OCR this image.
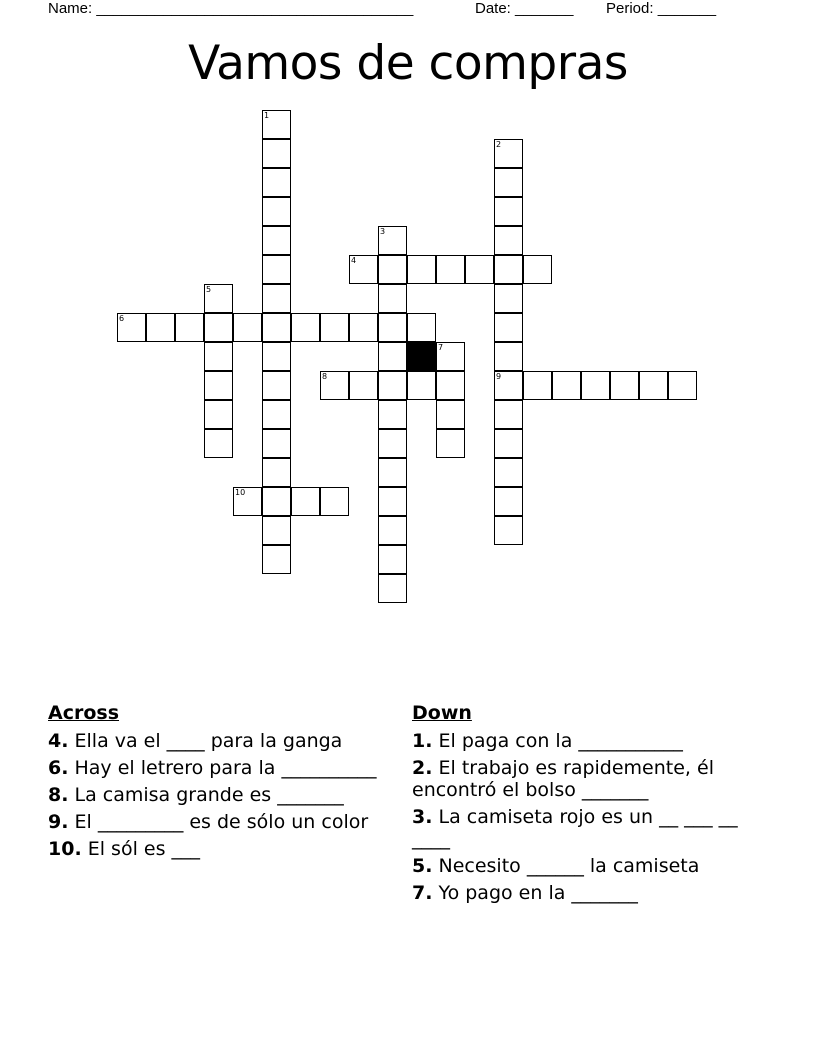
Name: ______________________________________	Date: _______ Period: _______
Vamos de compras
1
2
3
4
5
6
7
8	9
10
Across
4. Ella va el ____ para la ganga
6. Hay el letrero para la __________
8. La camisa grande es _______
9. El _________ es de sólo un color
10. El sól es ___
Down
1. El paga con la ___________
2. El trabajo es rapidemente, él encontró el bolso _______
3. La camiseta rojo es un __ ___ __ ____
5. Necesito ______ la camiseta
7. Yo pago en la _______
